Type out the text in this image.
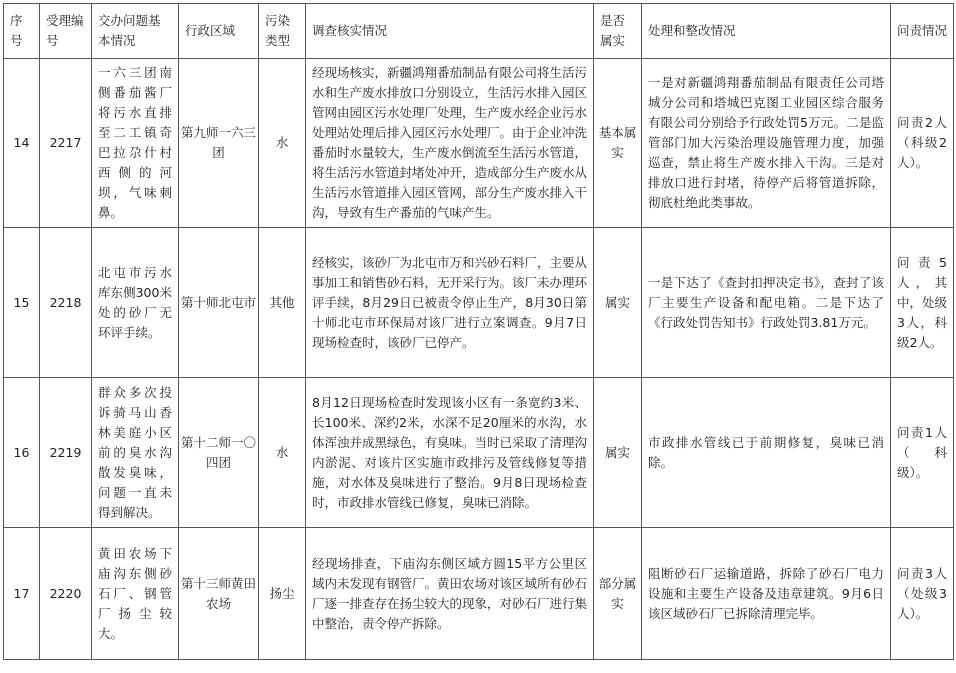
序号	受理编号	交办问题基本情况	行政区域	污染类型	调查核实情况	是否属实	处理和整改情况	问责情况
14	2217	一六三团南侧番茄酱厂将污水直排至二工镇奇巴拉尕什村西侧的河坝，气味刺鼻。	第九师一六三团	水	经现场核实，新疆鸿翔番茄制品有限公司将生活污水和生产废水排放口分别设立，生活污水排入园区管网由园区污水处理厂处理，生产废水经企业污水处理站处理后排入园区污水处理厂。由于企业冲洗番茄时水量较大，生产废水倒流至生活污水管道，将生活污水管道封堵处冲开，造成部分生产废水从生活污水管道排入园区管网，部分生产废水排入干沟，导致有生产番茄的气味产生。	基本属实	一是对新疆鸿翔番茄制品有限责任公司塔城分公司和塔城巴克图工业园区综合服务有限公司分别给予行政处罚5万元。二是监管部门加大污染治理设施管理力度，加强巡查，禁止将生产废水排入干沟。三是对排放口进行封堵，待停产后将管道拆除，彻底杜绝此类事故。	问责2人（科级2人）。
15	2218	北屯市污水库东侧300米处的砂厂无环评手续。	第十师北屯市	其他	经核实，该砂厂为北屯市万和兴砂石料厂，主要从事加工和销售砂石料，无开采行为。该厂未办理环评手续，8月29日已被责令停止生产，8月30日第十师北屯市环保局对该厂进行立案调查。9月7日现场检查时，该砂厂已停产。	属实	一是下达了《查封扣押决定书》，查封了该厂主要生产设备和配电箱。二是下达了《行政处罚告知书》行政处罚3.81万元。	问责5人，其中，处级3人，科级2人。
16	2219	群众多次投诉骑马山香林美庭小区前的臭水沟散发臭味，问题一直未得到解决。	第十二师一〇四团	水	8月12日现场检查时发现该小区有一条宽约3米、长100米、深约2米，水深不足20厘米的水沟，水体浑浊并成黑绿色，有臭味。当时已采取了清理沟内淤泥、对该片区实施市政排污及管线修复等措施，对水体及臭味进行了整治。9月8日现场检查时，市政排水管线已修复，臭味已消除。	属实	市政排水管线已于前期修复，臭味已消除。	问责1人（科级）。
17	2220	黄田农场下庙沟东侧砂石厂、钢管厂扬尘较大。	第十三师黄田农场	扬尘	经现场排查，下庙沟东侧区域方圆15平方公里区域内未发现有钢管厂。黄田农场对该区域所有砂石厂逐一排查存在扬尘较大的现象，对砂石厂进行集中整治，责令停产拆除。	部分属实	阻断砂石厂运输道路，拆除了砂石厂电力设施和主要生产设备及违章建筑。9月6日该区域砂石厂已拆除清理完毕。	问责3人（处级3人）。
